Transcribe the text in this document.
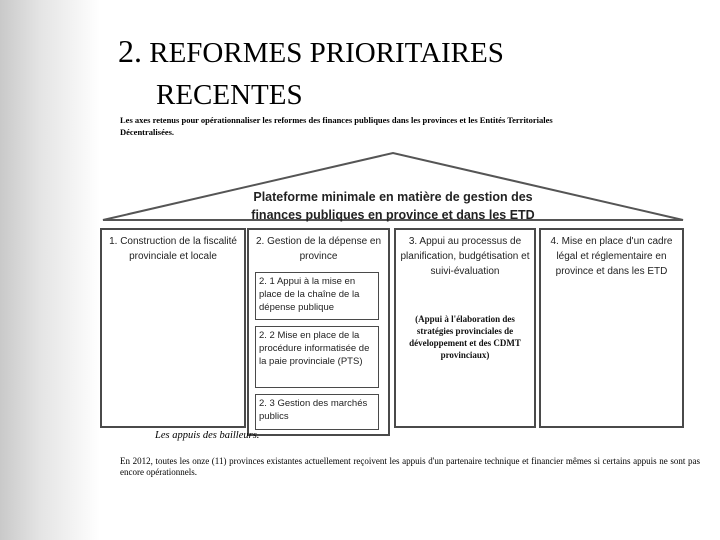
2. REFORMES PRIORITAIRES
RECENTES
Les axes retenus pour opérationnaliser les reformes des finances publiques dans les provinces et les Entités Territoriales Décentralisées.
Plateforme minimale en matière de gestion des
finances publiques en province et dans les ETD
1. Construction de la fiscalité provinciale et locale
2. Gestion de la dépense en province
2. 1 Appui à la mise en place de la chaîne de la dépense publique
2. 2 Mise en place de la procédure informatisée de la paie provinciale (PTS)
2. 3 Gestion des marchés publics
3. Appui au processus de planification, budgétisation et suivi-évaluation
(Appui à l'élaboration des stratégies provinciales de développement et des CDMT provinciaux)
4. Mise en place d'un cadre légal et réglementaire en province et dans les ETD
Les appuis des bailleurs.
En 2012, toutes les onze (11) provinces existantes actuellement reçoivent les appuis d'un partenaire technique et financier mêmes si certains appuis ne sont pas encore opérationnels.
